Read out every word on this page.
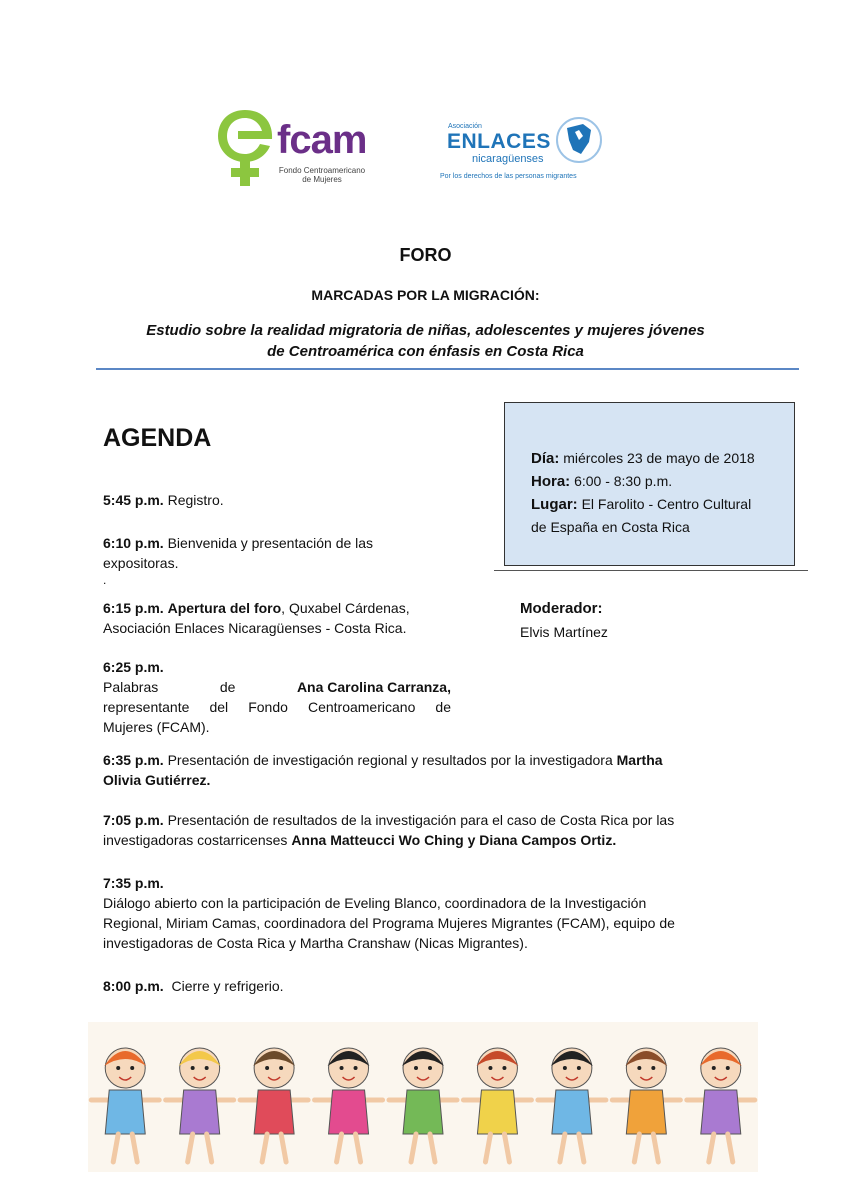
fcam
Fondo Centroamericano
de Mujeres
Asociación
ENLACES
nicaragüenses
Por los derechos de las personas migrantes
FORO
MARCADAS POR LA MIGRACIÓN:
Estudio sobre la realidad migratoria de niñas, adolescentes y mujeres jóvenes
de Centroamérica con énfasis en Costa Rica
AGENDA
Día: miércoles 23 de mayo de 2018
Hora: 6:00 - 8:30 p.m.
Lugar: El Farolito - Centro Cultural
de España en Costa Rica
Moderador:
Elvis Martínez
5:45 p.m. Registro.
6:10 p.m. Bienvenida y presentación de las
expositoras.
.
6:15 p.m. Apertura del foro, Quxabel Cárdenas,
Asociación Enlaces Nicaragüenses - Costa Rica.
6:25 p.m.
Palabras	de	Ana Carolina Carranza,
representante del Fondo Centroamericano de
Mujeres (FCAM).
6:35 p.m. Presentación de investigación regional y resultados por la investigadora Martha
Olivia Gutiérrez.
7:05 p.m. Presentación de resultados de la investigación para el caso de Costa Rica por las
investigadoras costarricenses Anna Matteucci Wo Ching y Diana Campos Ortiz.
7:35 p.m.
Diálogo abierto con la participación de Eveling Blanco, coordinadora de la Investigación
Regional, Miriam Camas, coordinadora del Programa Mujeres Migrantes (FCAM), equipo de
investigadoras de Costa Rica y Martha Cranshaw (Nicas Migrantes).
8:00 p.m. Cierre y refrigerio.
